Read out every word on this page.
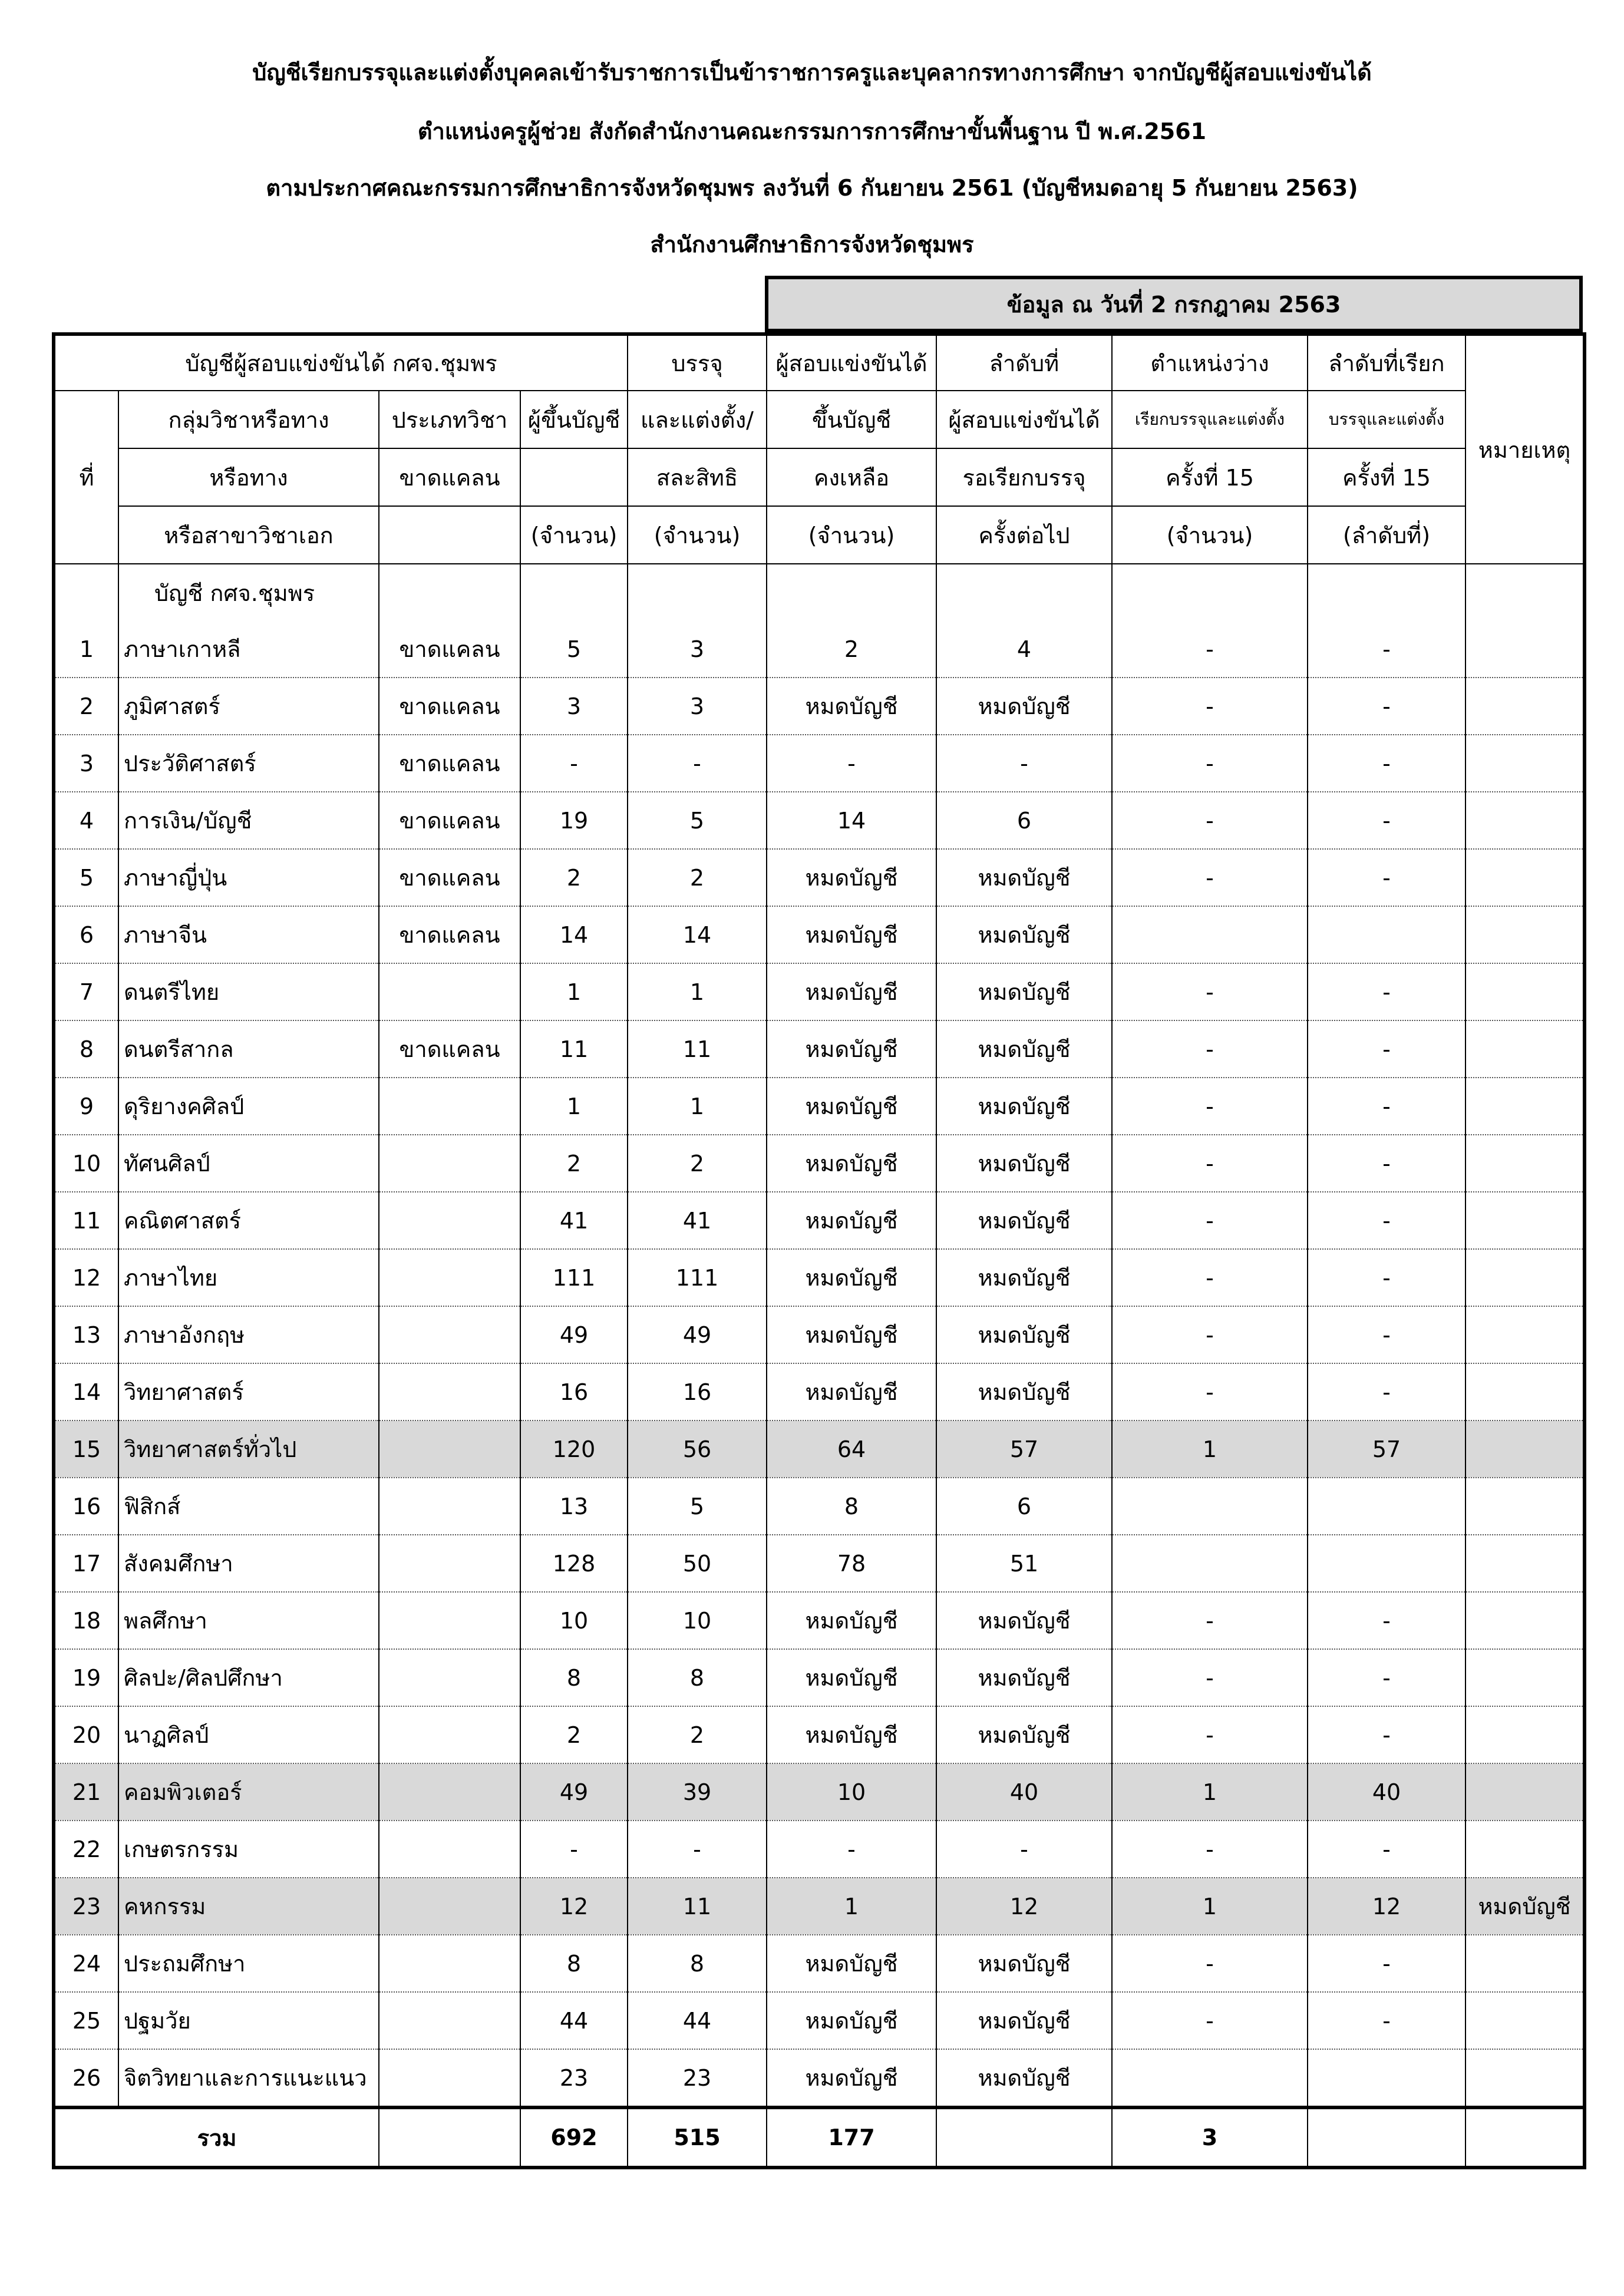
บัญชีเรียกบรรจุและแต่งตั้งบุคคลเข้ารับราชการเป็นข้าราชการครูและบุคลากรทางการศึกษา จากบัญชีผู้สอบแข่งขันได้
ตำแหน่งครูผู้ช่วย สังกัดสำนักงานคณะกรรมการการศึกษาขั้นพื้นฐาน ปี พ.ศ.2561
ตามประกาศคณะกรรมการศึกษาธิการจังหวัดชุมพร ลงวันที่ 6 กันยายน 2561 (บัญชีหมดอายุ 5 กันยายน 2563)
สำนักงานศึกษาธิการจังหวัดชุมพร
ข้อมูล ณ วันที่ 2 กรกฎาคม 2563
บัญชีผู้สอบแข่งขันได้ กศจ.ชุมพร				บรรจุ	ผู้สอบแข่งขันได้	ลำดับที่	ตำแหน่งว่าง	ลำดับที่เรียก	หมายเหตุ
ที่	กลุ่มวิชาหรือทาง	ประเภทวิชา	ผู้ขึ้นบัญชี	และแต่งตั้ง/	ขึ้นบัญชี	ผู้สอบแข่งขันได้	เรียกบรรจุและแต่งตั้ง	บรรจุและแต่งตั้ง	
	หรือทาง	ขาดแคลน		สละสิทธิ	คงเหลือ	รอเรียกบรรจุ	ครั้งที่ 15	ครั้งที่ 15	
	หรือสาขาวิชาเอก		(จำนวน)	(จำนวน)	(จำนวน)	ครั้งต่อไป	(จำนวน)	(ลำดับที่)	
	บัญชี กศจ.ชุมพร								
1	ภาษาเกาหลี	ขาดแคลน	5	3	2	4	-	-	
2	ภูมิศาสตร์	ขาดแคลน	3	3	หมดบัญชี	หมดบัญชี	-	-	
3	ประวัติศาสตร์	ขาดแคลน	-	-	-	-	-	-	
4	การเงิน/บัญชี	ขาดแคลน	19	5	14	6	-	-	
5	ภาษาญี่ปุ่น	ขาดแคลน	2	2	หมดบัญชี	หมดบัญชี	-	-	
6	ภาษาจีน	ขาดแคลน	14	14	หมดบัญชี	หมดบัญชี			
7	ดนตรีไทย		1	1	หมดบัญชี	หมดบัญชี	-	-	
8	ดนตรีสากล	ขาดแคลน	11	11	หมดบัญชี	หมดบัญชี	-	-	
9	ดุริยางคศิลป์		1	1	หมดบัญชี	หมดบัญชี	-	-	
10	ทัศนศิลป์		2	2	หมดบัญชี	หมดบัญชี	-	-	
11	คณิตศาสตร์		41	41	หมดบัญชี	หมดบัญชี	-	-	
12	ภาษาไทย		111	111	หมดบัญชี	หมดบัญชี	-	-	
13	ภาษาอังกฤษ		49	49	หมดบัญชี	หมดบัญชี	-	-	
14	วิทยาศาสตร์		16	16	หมดบัญชี	หมดบัญชี	-	-	
15	วิทยาศาสตร์ทั่วไป		120	56	64	57	1	57	
16	ฟิสิกส์		13	5	8	6			
17	สังคมศึกษา		128	50	78	51			
18	พลศึกษา		10	10	หมดบัญชี	หมดบัญชี	-	-	
19	ศิลปะ/ศิลปศึกษา		8	8	หมดบัญชี	หมดบัญชี	-	-	
20	นาฏศิลป์		2	2	หมดบัญชี	หมดบัญชี	-	-	
21	คอมพิวเตอร์		49	39	10	40	1	40	
22	เกษตรกรรม		-	-	-	-	-	-	
23	คหกรรม		12	11	1	12	1	12	หมดบัญชี
24	ประถมศึกษา		8	8	หมดบัญชี	หมดบัญชี	-	-	
25	ปฐมวัย		44	44	หมดบัญชี	หมดบัญชี	-	-	
26	จิตวิทยาและการแนะแนว		23	23	หมดบัญชี	หมดบัญชี			
รวม			692	515	177		3		
